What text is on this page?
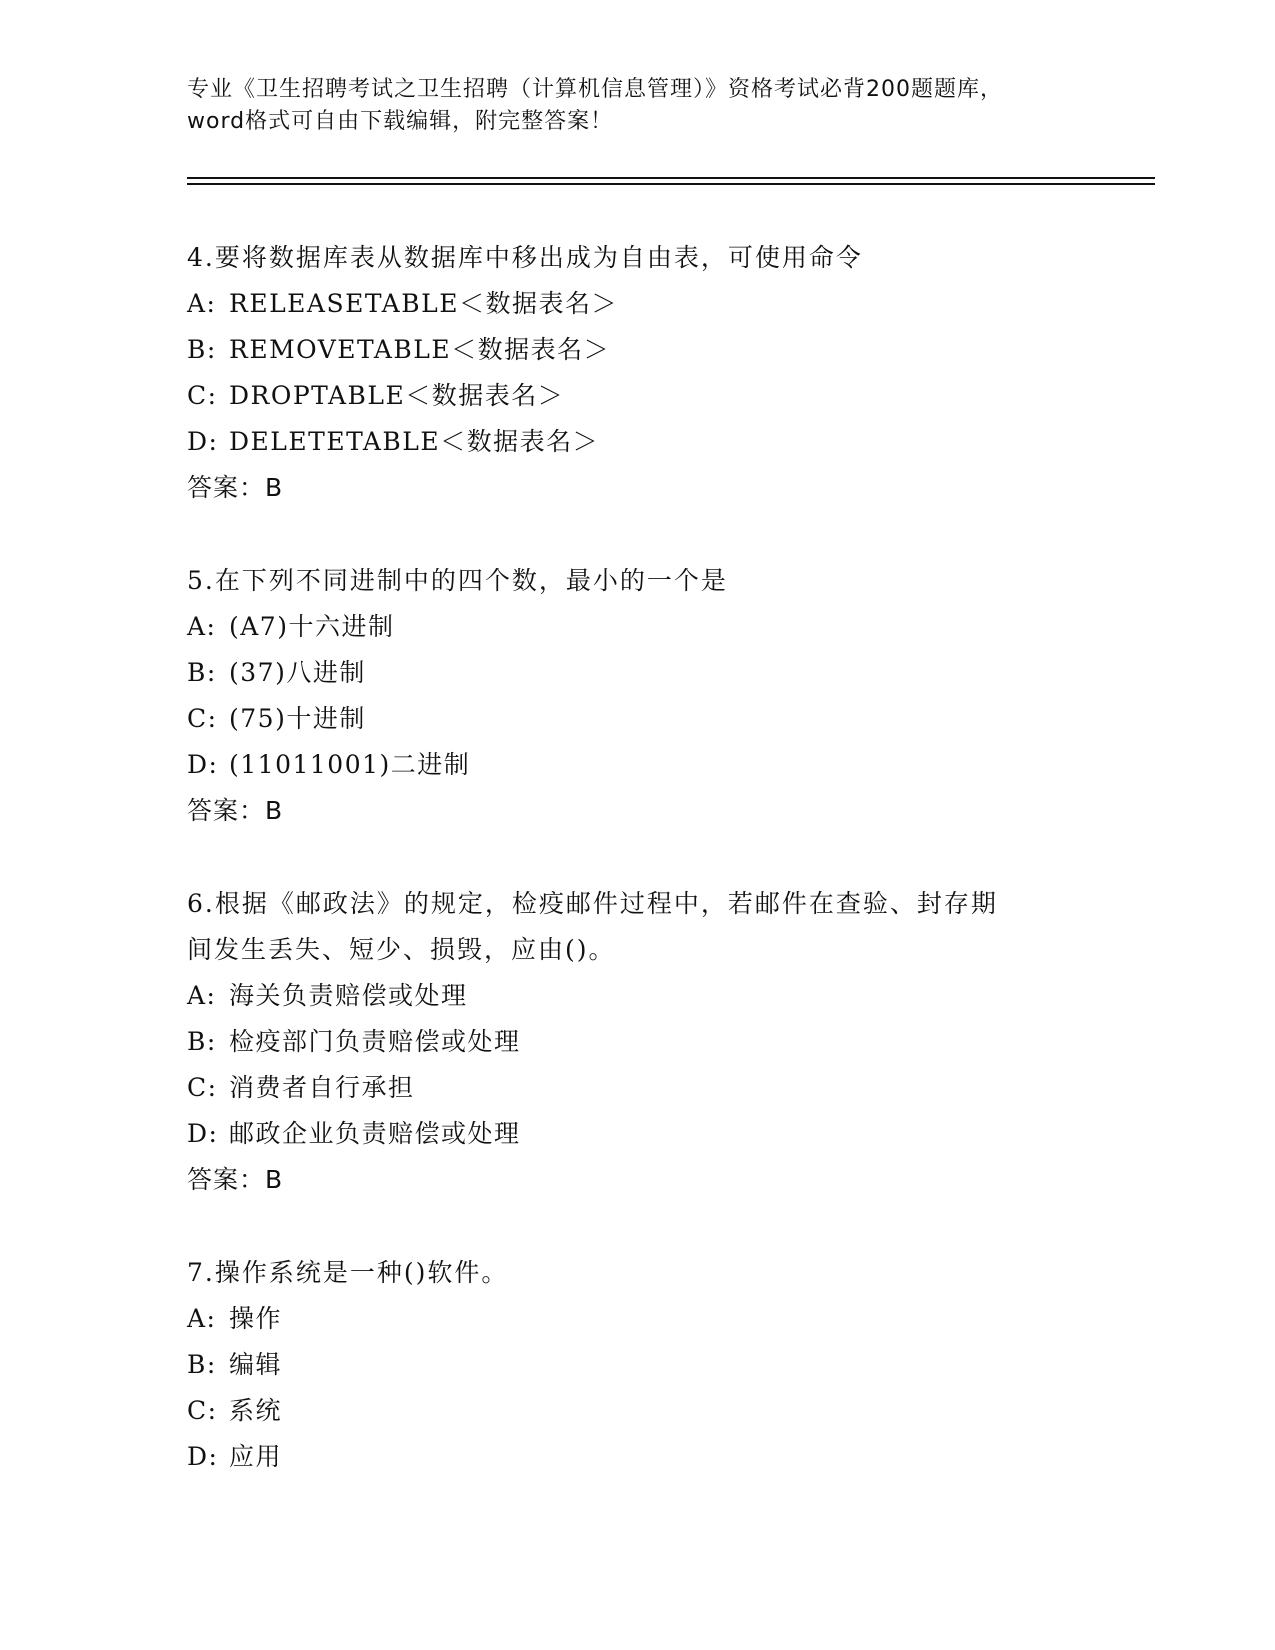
专业《卫生招聘考试之卫生招聘（计算机信息管理）》资格考试必背200题题库，
word格式可自由下载编辑，附完整答案！
4.要将数据库表从数据库中移出成为自由表，可使用命令
A: RELEASETABLE＜数据表名＞
B: REMOVETABLE＜数据表名＞
C: DROPTABLE＜数据表名＞
D: DELETETABLE＜数据表名＞
答案：B
5.在下列不同进制中的四个数，最小的一个是
A: (A7)十六进制
B: (37)八进制
C: (75)十进制
D: (11011001)二进制
答案：B
6.根据《邮政法》的规定，检疫邮件过程中，若邮件在查验、封存期
间发生丢失、短少、损毁，应由()。
A: 海关负责赔偿或处理
B: 检疫部门负责赔偿或处理
C: 消费者自行承担
D: 邮政企业负责赔偿或处理
答案：B
7.操作系统是一种()软件。
A: 操作
B: 编辑
C: 系统
D: 应用
